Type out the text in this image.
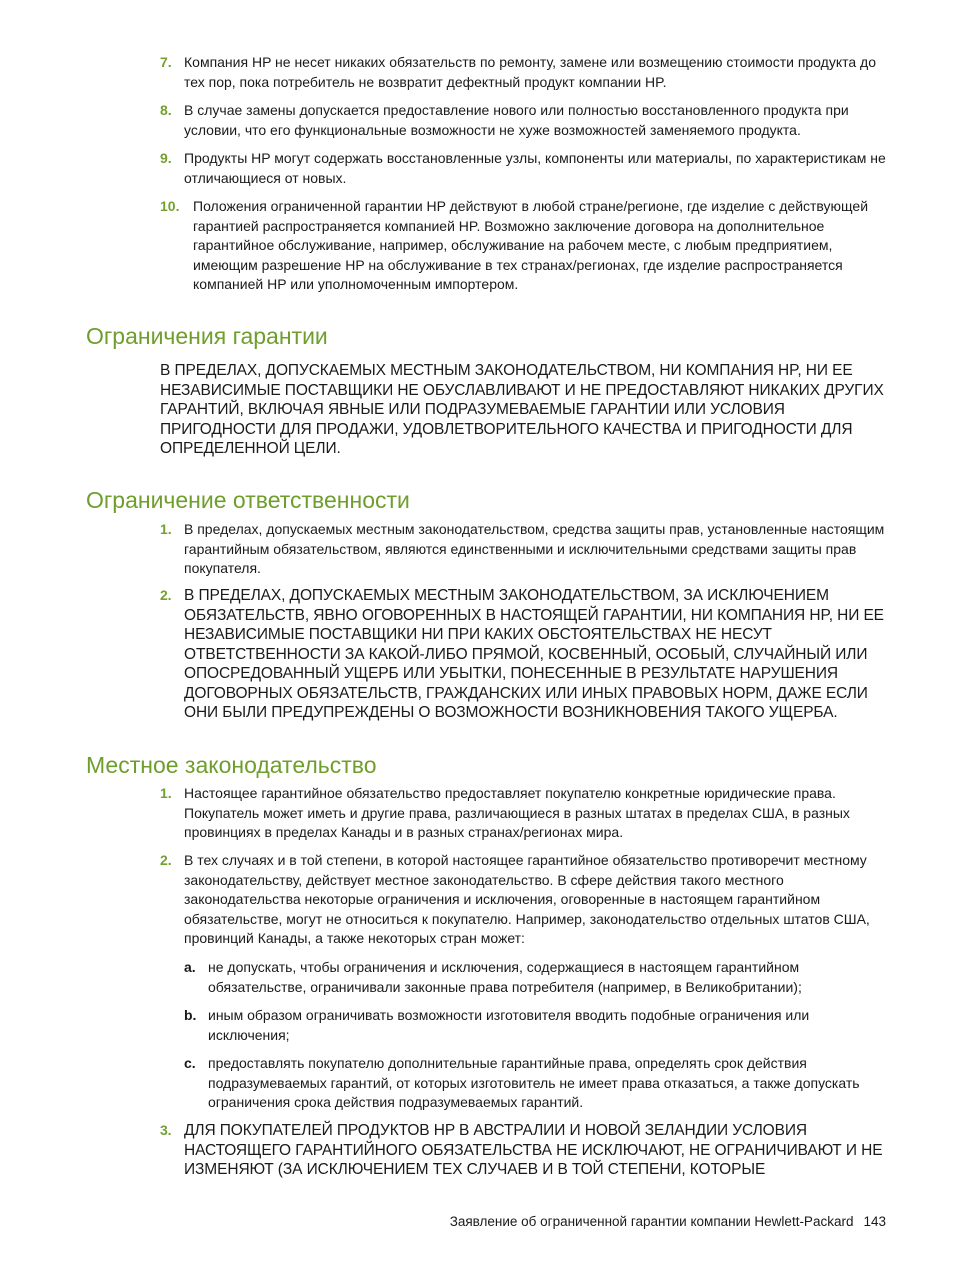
7. Компания HP не несет никаких обязательств по ремонту, замене или возмещению стоимости продукта до тех пор, пока потребитель не возвратит дефектный продукт компании HP.
8. В случае замены допускается предоставление нового или полностью восстановленного продукта при условии, что его функциональные возможности не хуже возможностей заменяемого продукта.
9. Продукты HP могут содержать восстановленные узлы, компоненты или материалы, по характеристикам не отличающиеся от новых.
10. Положения ограниченной гарантии HP действуют в любой стране/регионе, где изделие с действующей гарантией распространяется компанией HP. Возможно заключение договора на дополнительное гарантийное обслуживание, например, обслуживание на рабочем месте, с любым предприятием, имеющим разрешение HP на обслуживание в тех странах/регионах, где изделие распространяется компанией HP или уполномоченным импортером.
Ограничения гарантии

В ПРЕДЕЛАХ, ДОПУСКАЕМЫХ МЕСТНЫМ ЗАКОНОДАТЕЛЬСТВОМ, НИ КОМПАНИЯ HP, НИ ЕЕ НЕЗАВИСИМЫЕ ПОСТАВЩИКИ НЕ ОБУСЛАВЛИВАЮТ И НЕ ПРЕДОСТАВЛЯЮТ НИКАКИХ ДРУГИХ ГАРАНТИЙ, ВКЛЮЧАЯ ЯВНЫЕ ИЛИ ПОДРАЗУМЕВАЕМЫЕ ГАРАНТИИ ИЛИ УСЛОВИЯ ПРИГОДНОСТИ ДЛЯ ПРОДАЖИ, УДОВЛЕТВОРИТЕЛЬНОГО КАЧЕСТВА И ПРИГОДНОСТИ ДЛЯ ОПРЕДЕЛЕННОЙ ЦЕЛИ.

Ограничение ответственности
1. В пределах, допускаемых местным законодательством, средства защиты прав, установленные настоящим гарантийным обязательством, являются единственными и исключительными средствами защиты прав покупателя.
2. В ПРЕДЕЛАХ, ДОПУСКАЕМЫХ МЕСТНЫМ ЗАКОНОДАТЕЛЬСТВОМ, ЗА ИСКЛЮЧЕНИЕМ ОБЯЗАТЕЛЬСТВ, ЯВНО ОГОВОРЕННЫХ В НАСТОЯЩЕЙ ГАРАНТИИ, НИ КОМПАНИЯ HP, НИ ЕЕ НЕЗАВИСИМЫЕ ПОСТАВЩИКИ НИ ПРИ КАКИХ ОБСТОЯТЕЛЬСТВАХ НЕ НЕСУТ ОТВЕТСТВЕННОСТИ ЗА КАКОЙ-ЛИБО ПРЯМОЙ, КОСВЕННЫЙ, ОСОБЫЙ, СЛУЧАЙНЫЙ ИЛИ ОПОСРЕДОВАННЫЙ УЩЕРБ ИЛИ УБЫТКИ, ПОНЕСЕННЫЕ В РЕЗУЛЬТАТЕ НАРУШЕНИЯ ДОГОВОРНЫХ ОБЯЗАТЕЛЬСТВ, ГРАЖДАНСКИХ ИЛИ ИНЫХ ПРАВОВЫХ НОРМ, ДАЖЕ ЕСЛИ ОНИ БЫЛИ ПРЕДУПРЕЖДЕНЫ О ВОЗМОЖНОСТИ ВОЗНИКНОВЕНИЯ ТАКОГО УЩЕРБА.
Местное законодательство
1. Настоящее гарантийное обязательство предоставляет покупателю конкретные юридические права. Покупатель может иметь и другие права, различающиеся в разных штатах в пределах США, в разных провинциях в пределах Канады и в разных странах/регионах мира.
2. В тех случаях и в той степени, в которой настоящее гарантийное обязательство противоречит местному законодательству, действует местное законодательство. В сфере действия такого местного законодательства некоторые ограничения и исключения, оговоренные в настоящем гарантийном обязательстве, могут не относиться к покупателю. Например, законодательство отдельных штатов США, провинций Канады, а также некоторых стран может:
a. не допускать, чтобы ограничения и исключения, содержащиеся в настоящем гарантийном обязательстве, ограничивали законные права потребителя (например, в Великобритании);
b. иным образом ограничивать возможности изготовителя вводить подобные ограничения или исключения;
c. предоставлять покупателю дополнительные гарантийные права, определять срок действия подразумеваемых гарантий, от которых изготовитель не имеет права отказаться, а также допускать ограничения срока действия подразумеваемых гарантий.
3. ДЛЯ ПОКУПАТЕЛЕЙ ПРОДУКТОВ HP В АВСТРАЛИИ И НОВОЙ ЗЕЛАНДИИ УСЛОВИЯ НАСТОЯЩЕГО ГАРАНТИЙНОГО ОБЯЗАТЕЛЬСТВА НЕ ИСКЛЮЧАЮТ, НЕ ОГРАНИЧИВАЮТ И НЕ ИЗМЕНЯЮТ (ЗА ИСКЛЮЧЕНИЕМ ТЕХ СЛУЧАЕВ И В ТОЙ СТЕПЕНИ, КОТОРЫЕ
Заявление об ограниченной гарантии компании Hewlett-Packard 143
